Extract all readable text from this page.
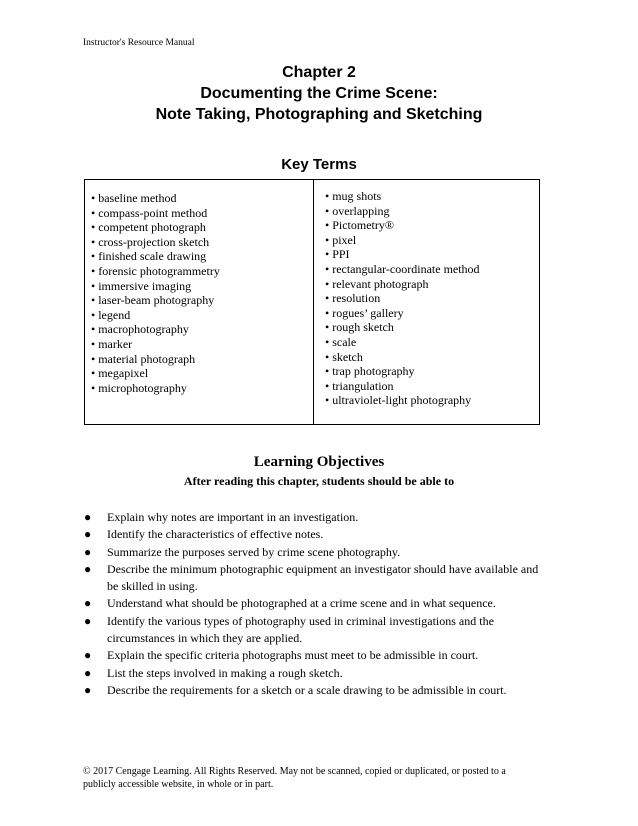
Instructor's Resource Manual
Chapter 2
Documenting the Crime Scene:
Note Taking, Photographing and Sketching
Key Terms
• baseline method
• compass-point method
• competent photograph
• cross-projection sketch
• finished scale drawing
• forensic photogrammetry
• immersive imaging
• laser-beam photography
• legend
• macrophotography
• marker
• material photograph
• megapixel
• microphotography
• mug shots
• overlapping
• Pictometry®
• pixel
• PPI
• rectangular-coordinate method
• relevant photograph
• resolution
• rogues’ gallery
• rough sketch
• scale
• sketch
• trap photography
• triangulation
• ultraviolet-light photography
Learning Objectives
After reading this chapter, students should be able to
● Explain why notes are important in an investigation.
● Identify the characteristics of effective notes.
● Summarize the purposes served by crime scene photography.
● Describe the minimum photographic equipment an investigator should have available and be skilled in using.
● Understand what should be photographed at a crime scene and in what sequence.
● Identify the various types of photography used in criminal investigations and the circumstances in which they are applied.
● Explain the specific criteria photographs must meet to be admissible in court.
● List the steps involved in making a rough sketch.
● Describe the requirements for a sketch or a scale drawing to be admissible in court.
© 2017 Cengage Learning. All Rights Reserved. May not be scanned, copied or duplicated, or posted to a
publicly accessible website, in whole or in part.
